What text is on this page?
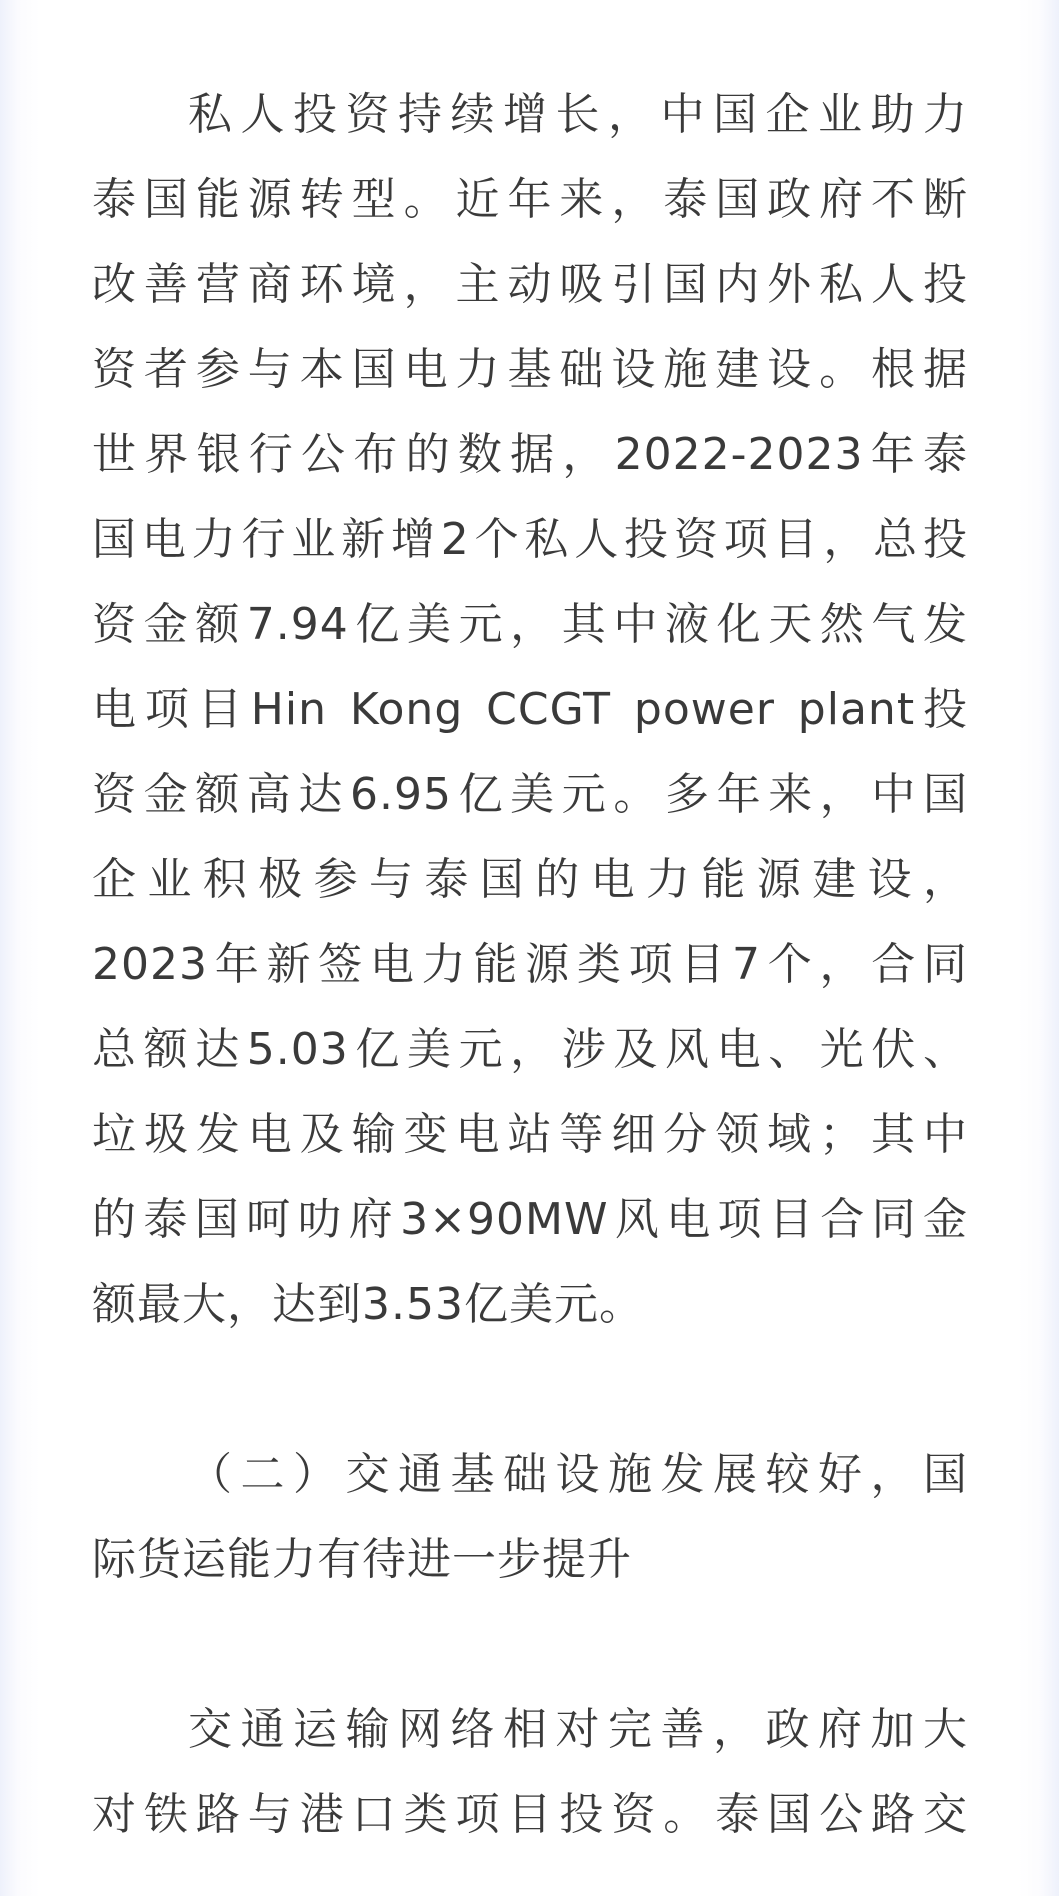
私人投资持续增长，中国企业助力
泰国能源转型。近年来，泰国政府不断
改善营商环境，主动吸引国内外私人投
资者参与本国电力基础设施建设。根据
世界银行公布的数据，2022-2023年泰
国电力行业新增2个私人投资项目，总投
资金额7.94亿美元，其中液化天然气发
电项目Hin Kong CCGT power plant投
资金额高达6.95亿美元。多年来，中国
企业积极参与泰国的电力能源建设，
2023年新签电力能源类项目7个，合同
总额达5.03亿美元，涉及风电、光伏、
垃圾发电及输变电站等细分领域；其中
的泰国呵叻府3×90MW风电项目合同金
额最大，达到3.53亿美元。
（二）交通基础设施发展较好，国
际货运能力有待进一步提升
交通运输网络相对完善，政府加大
对铁路与港口类项目投资。泰国公路交
